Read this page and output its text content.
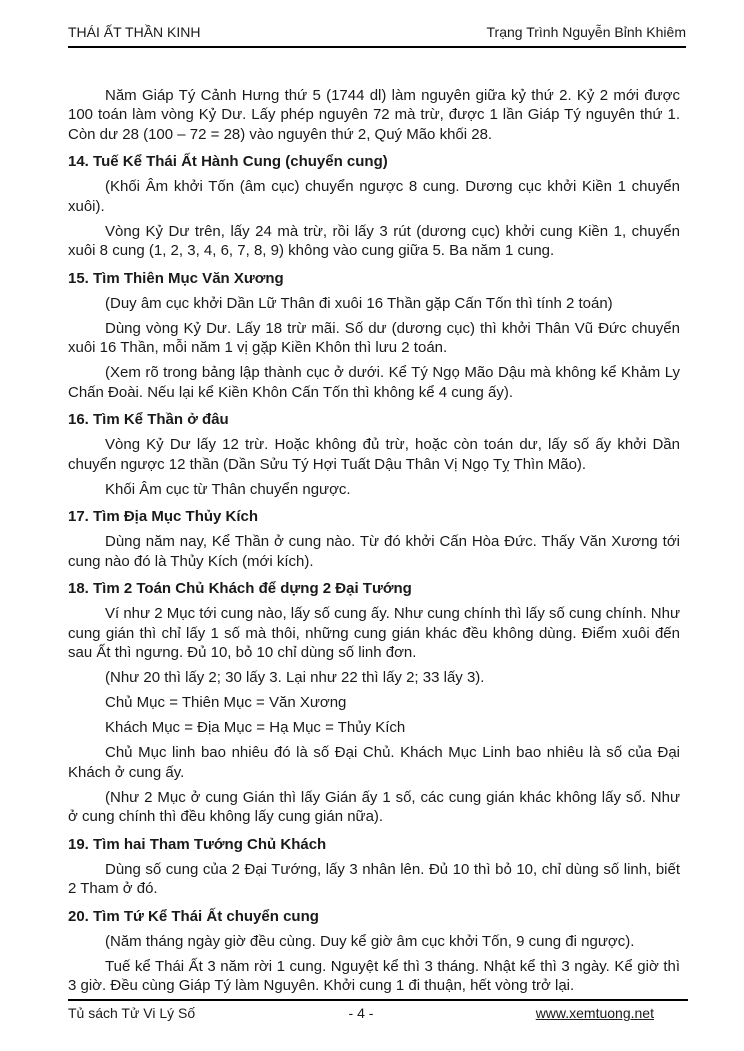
THÁI ẤT THẦN KINH	Trạng Trình Nguyễn Bỉnh Khiêm

Năm Giáp Tý Cảnh Hưng thứ 5 (1744 dl) làm nguyên giữa kỷ thứ 2. Kỷ 2 mới được 100 toán làm vòng Kỷ Dư. Lấy phép nguyên 72 mà trừ, được 1 lần Giáp Tý nguyên thứ 1. Còn dư 28 (100 – 72 = 28) vào nguyên thứ 2, Quý Mão khối 28.

14. Tuế Kể Thái Ất Hành Cung (chuyển cung)

(Khối Âm khởi Tốn (âm cục) chuyển ngược 8 cung. Dương cục khởi Kiền 1 chuyển xuôi).

Vòng Kỷ Dư trên, lấy 24 mà trừ, rồi lấy 3 rút (dương cục) khởi cung Kiền 1, chuyển xuôi 8 cung (1, 2, 3, 4, 6, 7, 8, 9) không vào cung giữa 5. Ba năm 1 cung.

15. Tìm Thiên Mục Văn Xương

(Duy âm cục khởi Dần Lữ Thân đi xuôi 16 Thần gặp Cấn Tốn thì tính 2 toán)

Dùng vòng Kỷ Dư. Lấy 18 trừ mãi. Số dư (dương cục) thì khởi Thân Vũ Đức chuyển xuôi 16 Thần, mỗi năm 1 vị gặp Kiền Khôn thì lưu 2 toán.

(Xem rõ trong bảng lập thành cục ở dưới. Kể Tý Ngọ Mão Dậu mà không kể Khảm Ly Chấn Đoài. Nếu lại kể Kiền Khôn Cấn Tốn thì không kể 4 cung ấy).

16. Tìm Kể Thần ở đâu

Vòng Kỷ Dư lấy 12 trừ. Hoặc không đủ trừ, hoặc còn toán dư, lấy số ấy khởi Dần chuyển ngược 12 thần (Dần Sửu Tý Hợi Tuất Dậu Thân Vị Ngọ Tỵ Thìn Mão).

Khối Âm cục từ Thân chuyển ngược.

17. Tìm Địa Mục Thủy Kích

Dùng năm nay, Kể Thần ở cung nào. Từ đó khởi Cấn Hòa Đức. Thấy Văn Xương tới cung nào đó là Thủy Kích (mới kích).

18. Tìm 2 Toán Chủ Khách để dựng 2 Đại Tướng

Ví như 2 Mục tới cung nào, lấy số cung ấy. Như cung chính thì lấy số cung chính. Như cung gián thì chỉ lấy 1 số mà thôi, những cung gián khác đều không dùng. Điểm xuôi đến sau Ất thì ngưng. Đủ 10, bỏ 10 chỉ dùng số linh đơn.

(Như 20 thì lấy 2; 30 lấy 3. Lại như 22 thì lấy 2; 33 lấy 3).

Chủ Mục = Thiên Mục = Văn Xương

Khách Mục = Địa Mục = Hạ Mục = Thủy Kích

Chủ Mục linh bao nhiêu đó là số Đại Chủ. Khách Mục Linh bao nhiêu là số của Đại Khách ở cung ấy.

(Như 2 Mục ở cung Gián thì lấy Gián ấy 1 số, các cung gián khác không lấy số. Như ở cung chính thì đều không lấy cung gián nữa).

19. Tìm hai Tham Tướng Chủ Khách

Dùng số cung của 2 Đại Tướng, lấy 3 nhân lên. Đủ 10 thì bỏ 10, chỉ dùng số linh, biết 2 Tham ở đó.

20. Tìm Tứ Kể Thái Ất chuyển cung

(Năm tháng ngày giờ đều cùng. Duy kể giờ âm cục khởi Tốn, 9 cung đi ngược).

Tuế kể Thái Ất 3 năm rời 1 cung. Nguyệt kể thì 3 tháng. Nhật kể thì 3 ngày. Kể giờ thì 3 giờ. Đều cùng Giáp Tý làm Nguyên. Khởi cung 1 đi thuận, hết vòng trở lại.

Tủ sách Tử Vi Lý Số	- 4 -	www.xemtuong.net
